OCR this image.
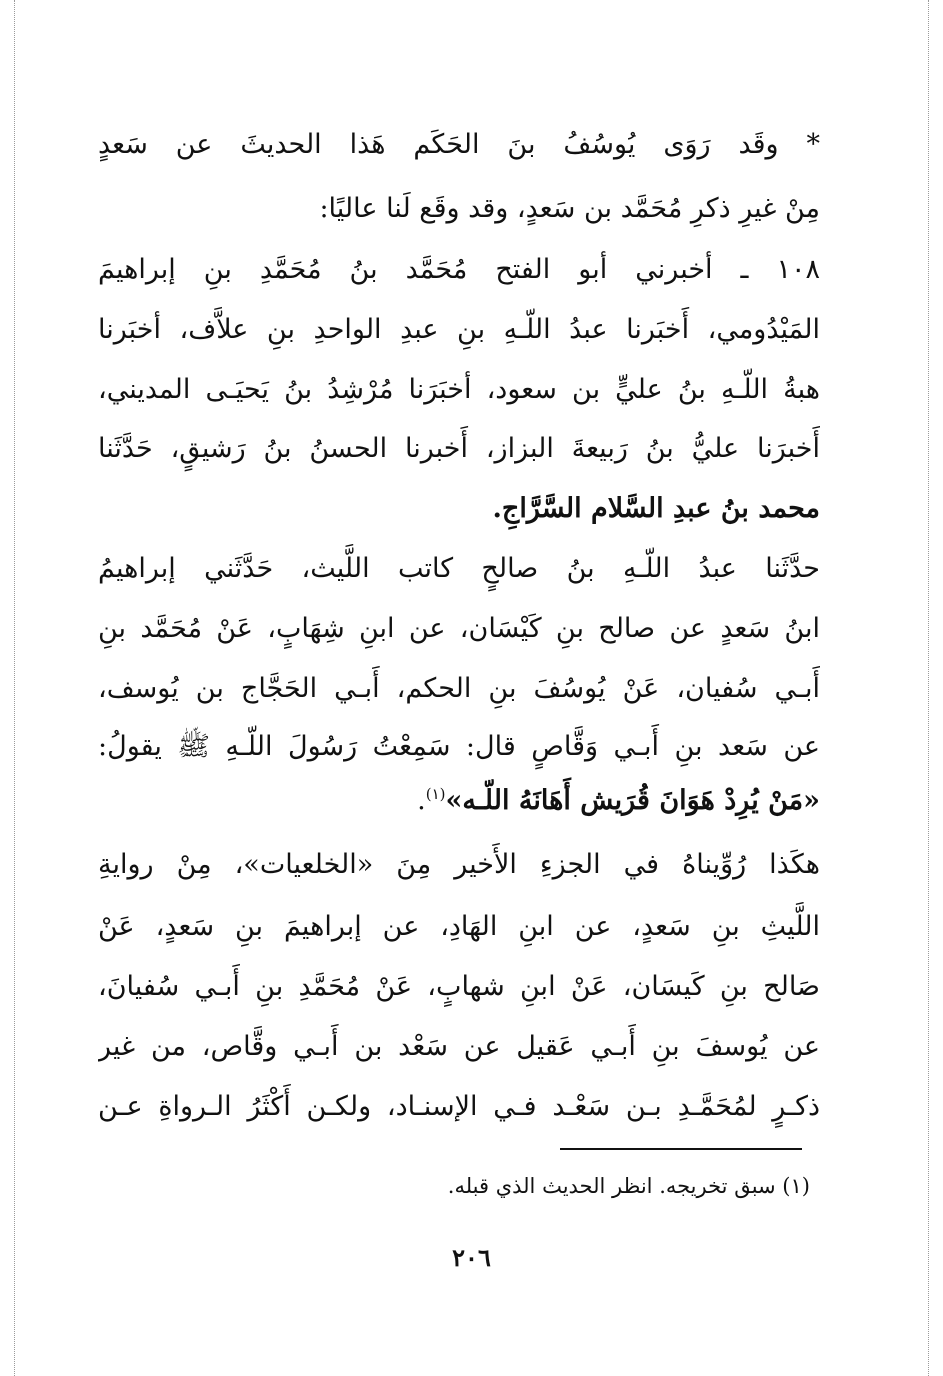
* وقَد رَوَى يُوسُفُ بنَ الحَكَم هَذا الحديثَ عن سَعدٍ
مِنْ غيرِ ذكرِ مُحَمَّد بن سَعدٍ، وقد وقَع لَنا عاليًا:
١٠٨ ـ أخبرني أبو الفتح مُحَمَّد بنُ مُحَمَّدِ بنِ إبراهيمَ
المَيْدُومي، أَخبَرنا عبدُ اللّـهِ بنِ عبدِ الواحدِ بنِ علاَّف، أخبَرنا
هبةُ اللّـهِ بنُ عليٍّ بن سعود، أخبَرَنا مُرْشِدُ بنُ يَحيَـى المديني،
أَخبرَنا عليُّ بنُ رَبيعةَ البزاز، أَخبرنا الحسنُ بنُ رَشيقٍ، حَدَّثَنا
محمد بنُ عبدِ السَّلام السَّرَّاجِ.
حدَّثَنا عبدُ اللّـهِ بنُ صالحٍ كاتب اللَّيث، حَدَّثَني إبراهيمُ
ابنُ سَعدٍ عن صالح بنِ كَيْسَان، عن ابنِ شِهَابٍ، عَنْ مُحَمَّد بنِ
أَبـي سُفيان، عَنْ يُوسُفَ بنِ الحكم، أَبـي الحَجَّاج بن يُوسف،
عن سَعد بنِ أَبـي وَقَّاصٍ قال: سَمِعْتُ رَسُولَ اللّـهِ ﷺ يقولُ:
«مَنْ يُرِدْ هَوَانَ قُرَيش أَهَانَهُ اللّـه»$^{(١)}$.
هكَذا رُوِّيناهُ في الجزءِ الأَخير مِنَ «الخلعيات»، مِنْ روايةِ
اللَّيثِ بنِ سَعدٍ، عن ابنِ الهَادِ، عن إبراهيمَ بنِ سَعدٍ، عَنْ
صَالح بنِ كَيسَان، عَنْ ابنِ شهابٍ، عَنْ مُحَمَّدِ بنِ أَبـي سُفيانَ،
عن يُوسفَ بنِ أَبـي عَقيل عن سَعْد بن أَبـي وقَّاص، من غير
ذكـرٍ لمُحَمَّـدِ بـن سَعْـد فـي الإسنـاد، ولكـن أَكْثَرُ الـرواةِ عـن
(١) سبق تخريجه. انظر الحديث الذي قبله.
٢٠٦
